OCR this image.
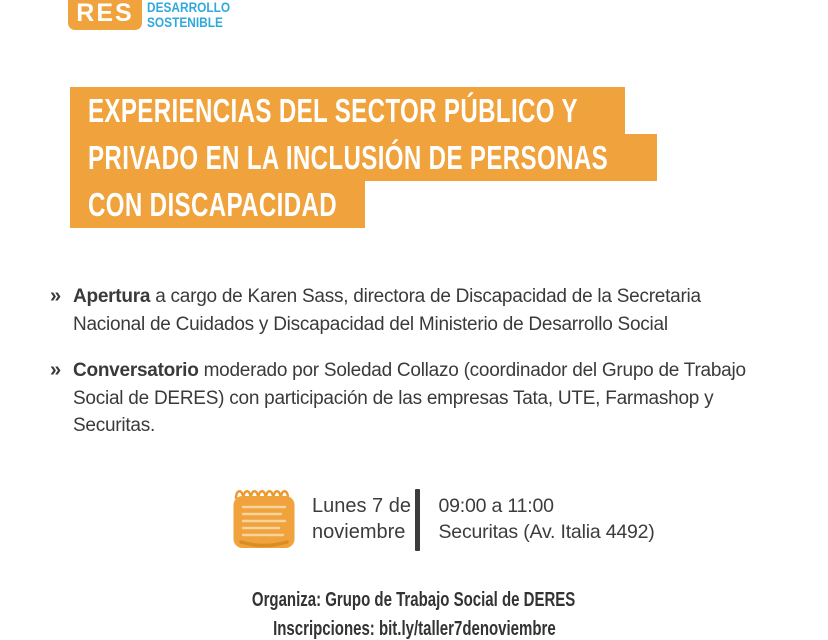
RES DESARROLLO
SOSTENIBLE
EXPERIENCIAS DEL SECTOR PÚBLICO Y
PRIVADO EN LA INCLUSIÓN DE PERSONAS
CON DISCAPACIDAD
» Apertura a cargo de Karen Sass, directora de Discapacidad de la Secretaria
Nacional de Cuidados y Discapacidad del Ministerio de Desarrollo Social
» Conversatorio moderado por Soledad Collazo (coordinador del Grupo de Trabajo
Social de DERES) con participación de las empresas Tata, UTE, Farmashop y
Securitas.
Lunes 7 de
noviembre
09:00 a 11:00
Securitas (Av. Italia 4492)
Organiza: Grupo de Trabajo Social de DERES
Inscripciones: bit.ly/taller7denoviembre
